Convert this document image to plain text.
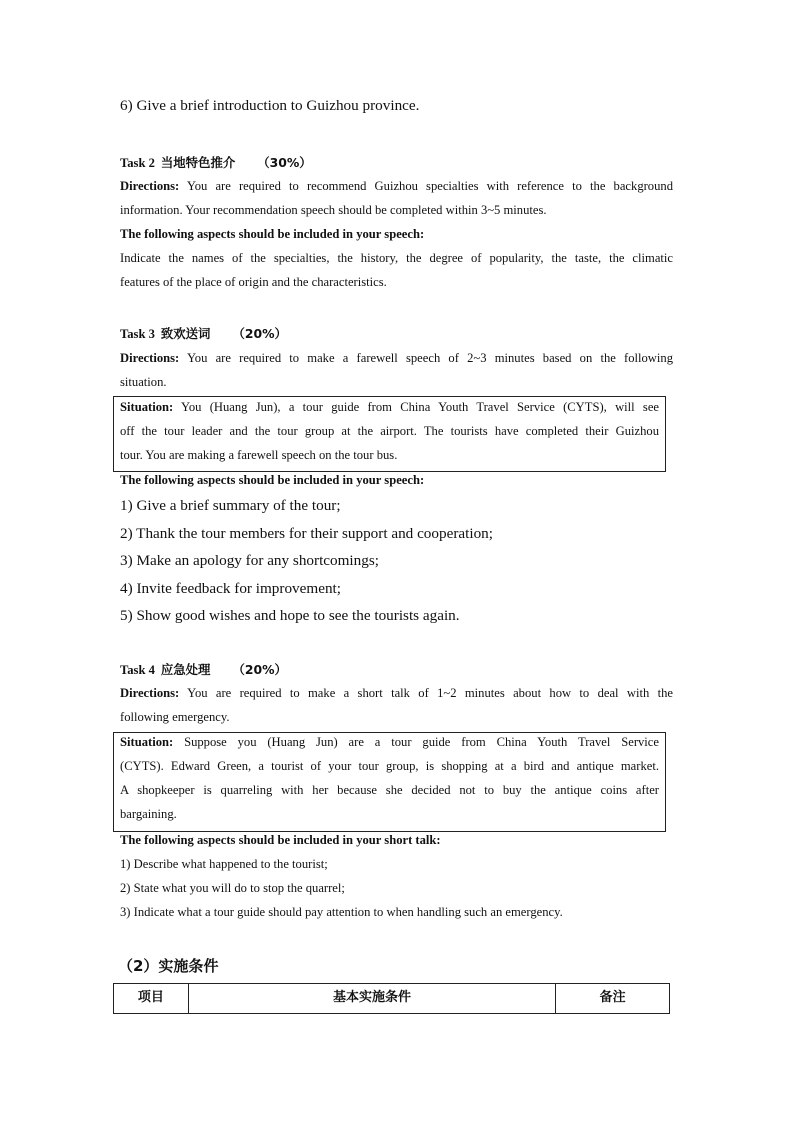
6) Give a brief introduction to Guizhou province.
Task 2 当地特色推介 （30%）
Directions: You are required to recommend Guizhou specialties with reference to the background
information. Your recommendation speech should be completed within 3~5 minutes.
The following aspects should be included in your speech:
Indicate the names of the specialties, the history, the degree of popularity, the taste, the climatic
features of the place of origin and the characteristics.
Task 3 致欢送词 （20%）
Directions: You are required to make a farewell speech of 2~3 minutes based on the following
situation.
Situation: You (Huang Jun), a tour guide from China Youth Travel Service (CYTS), will see
off the tour leader and the tour group at the airport. The tourists have completed their Guizhou
tour. You are making a farewell speech on the tour bus.
The following aspects should be included in your speech:
1) Give a brief summary of the tour;
2) Thank the tour members for their support and cooperation;
3) Make an apology for any shortcomings;
4) Invite feedback for improvement;
5) Show good wishes and hope to see the tourists again.
Task 4 应急处理 （20%）
Directions: You are required to make a short talk of 1~2 minutes about how to deal with the
following emergency.
Situation: Suppose you (Huang Jun) are a tour guide from China Youth Travel Service
(CYTS). Edward Green, a tourist of your tour group, is shopping at a bird and antique market.
A shopkeeper is quarreling with her because she decided not to buy the antique coins after
bargaining.
The following aspects should be included in your short talk:
1) Describe what happened to the tourist;
2) State what you will do to stop the quarrel;
3) Indicate what a tour guide should pay attention to when handling such an emergency.
（2）实施条件
项目	基本实施条件	备注
